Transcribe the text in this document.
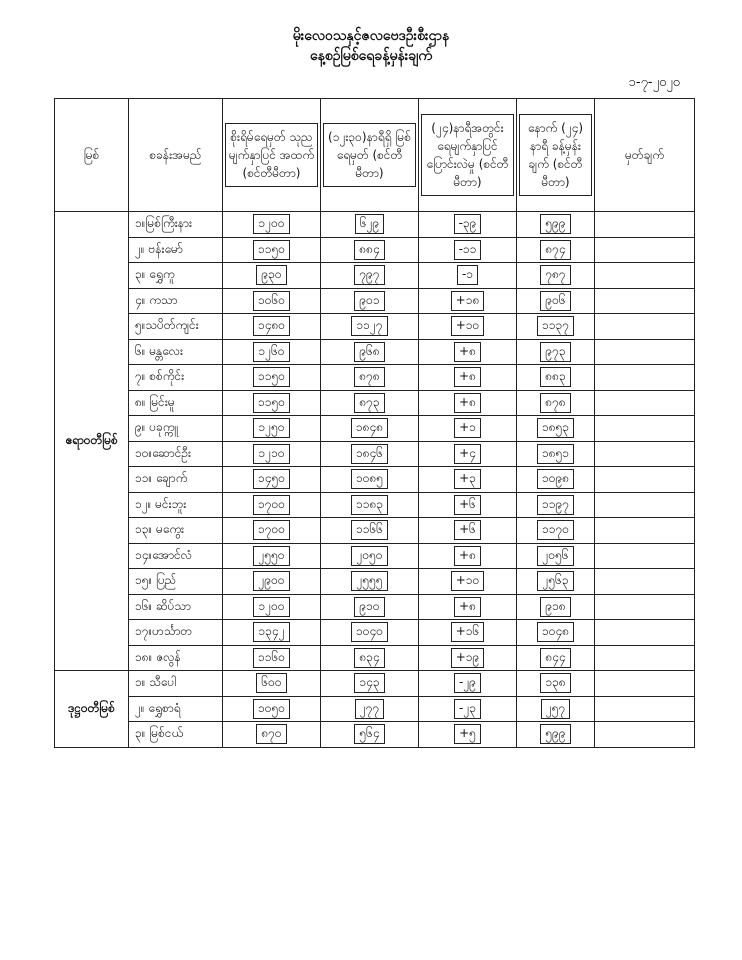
မိုးလေဝသနှင့်ဇလဗေဒဦးစီးဌာန
နေ့စဉ်မြစ်ရေခန့်မှန်းချက်
၁-၇-၂၀၂၀
မြစ်	စခန်းအမည်	စိုးရိမ်ရေမှတ် သုညမျက်နှာပြင် အထက် (စင်တီမီတာ)	(၁၂း၃၀)နာရီရှိ မြစ်ရေမှတ် (စင်တီမီတာ)	(၂၄)နာရီအတွင်း ရေမျက်နှာပြင် ပြောင်းလဲမှု (စင်တီမီတာ)	နောက် (၂၄) နာရီ ခန့်မှန်းချက် (စင်တီမီတာ)	မှတ်ချက်
ဧရာဝတီမြစ်	၁။မြစ်ကြီးနား	၁၂၀၀	၆၂၉	-၃၉	၅၉၉	
	၂။ ဗန်းမော်	၁၁၅၀	၈၈၄	-၁၁	၈၇၄	
	၃။ ရွှေကူ	၉၃၀	၇၉၇	-၁	၇၈၇	
	၄။ ကသာ	၁၀၆၀	၉၀၁	+၁၈	၉၀၆	
	၅။သပိတ်ကျင်း	၁၄၈၀	၁၁၂၇	+၁၀	၁၁၃၇	
	၆။ မန္တလေး	၁၂၆၀	၉၆၈	+၈	၉၇၃	
	၇။ စစ်ကိုင်း	၁၁၅၀	၈၇၈	+၈	၈၈၃	
	၈။ မြင်းမူ	၁၁၅၀	၈၇၃	+၈	၈၇၈	
	၉။ ပခုက္ကူ	၁၂၅၀	၁၈၄၈	+၁	၁၈၅၃	
	၁၀။ဆောင်ဦး	၁၂၁၀	၁၈၄၆	+၄	၁၈၅၁	
	၁၁။ ချောက်	၁၄၅၀	၁၀၈၅	+၃	၁၀၉၈	
	၁၂။ မင်းဘူး	၁၇၀၀	၁၁၈၃	+၆	၁၁၉၇	
	၁၃။ မကွေး	၁၇၀၀	၁၁၆၆	+၆	၁၁၇၀	
	၁၄။အောင်လံ	၂၅၅၀	၂၀၅၀	+၈	၂၀၅၆	
	၁၅။ ပြည်	၂၉၀၀	၂၅၅၅	+၁၀	၂၅၆၃	
	၁၆။ ဆိပ်သာ	၁၂၀၀	၉၁၀	+၈	၉၁၈	
	၁၇။ဟင်္သာတ	၁၃၄၂	၁၀၄၀	+၁၆	၁၀၄၈	
	၁၈။ ဇလွန်	၁၁၆၀	၈၃၄	+၁၉	၈၄၄	
ဒုဋ္ဌဝတီမြစ်	၁။ သီပေါ	၆၀၀	၁၄၃	-၂၉	၁၃၈	
	၂။ ရွှေစာရံ	၁၀၅၀	၂၇၇	-၂၃	၂၅၇	
	၃။ မြစ်ငယ်	၈၇၀	၅၆၄	+၅	၅၉၉	
